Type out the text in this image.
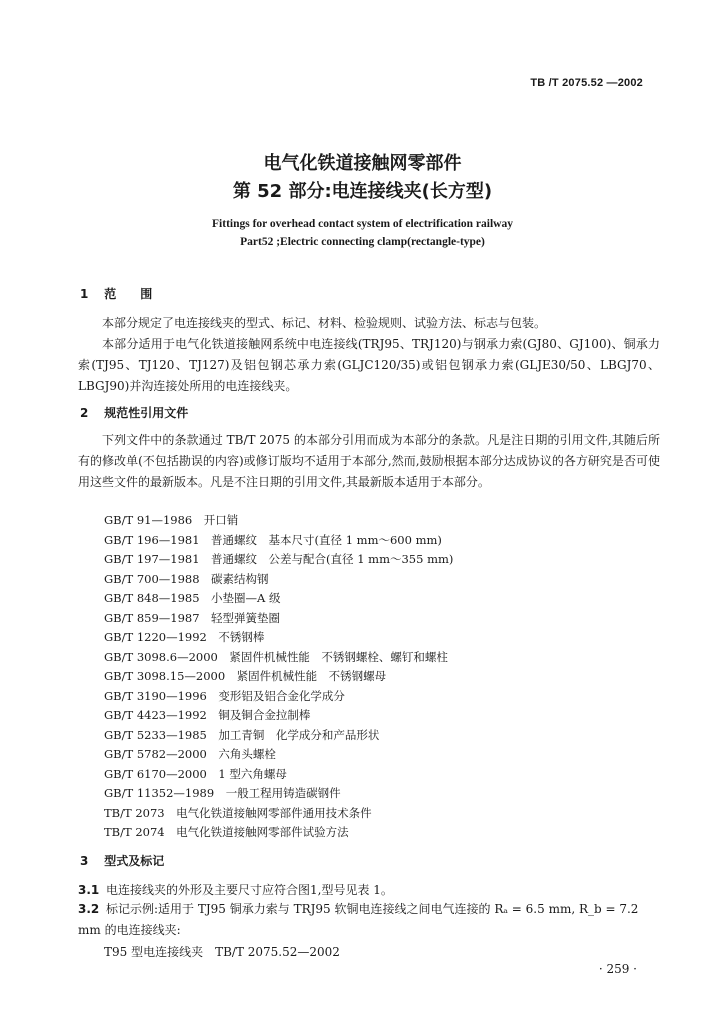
TB /T 2075.52 —2002
电气化铁道接触网零部件
第 52 部分:电连接线夹(长方型)
Fittings for overhead contact system of electrification railway
Part52 ;Electric connecting clamp(rectangle-type)
1 范　　围

本部分规定了电连接线夹的型式、标记、材料、检验规则、试验方法、标志与包装。

本部分适用于电气化铁道接触网系统中电连接线(TRJ95、TRJ120)与钢承力索(GJ80、GJ100)、铜承力索(TJ95、TJ120、TJ127)及铝包钢芯承力索(GLJC120/35)或铝包钢承力索(GLJE30/50、LBGJ70、LBGJ90)并沟连接处所用的电连接线夹。

2 规范性引用文件

下列文件中的条款通过 TB/T 2075 的本部分引用而成为本部分的条款。凡是注日期的引用文件,其随后所有的修改单(不包括勘误的内容)或修订版均不适用于本部分,然而,鼓励根据本部分达成协议的各方研究是否可使用这些文件的最新版本。凡是不注日期的引用文件,其最新版本适用于本部分。

GB/T 91—1986　开口销
GB/T 196—1981　普通螺纹　基本尺寸(直径 1 mm～600 mm)
GB/T 197—1981　普通螺纹　公差与配合(直径 1 mm～355 mm)
GB/T 700—1988　碳素结构钢
GB/T 848—1985　小垫圈—A 级
GB/T 859—1987　轻型弹簧垫圈
GB/T 1220—1992　不锈钢棒
GB/T 3098.6—2000　紧固件机械性能　不锈钢螺栓、螺钉和螺柱
GB/T 3098.15—2000　紧固件机械性能　不锈钢螺母
GB/T 3190—1996　变形铝及铝合金化学成分
GB/T 4423—1992　铜及铜合金拉制棒
GB/T 5233—1985　加工青铜　化学成分和产品形状
GB/T 5782—2000　六角头螺栓
GB/T 6170—2000　1 型六角螺母
GB/T 11352—1989　一般工程用铸造碳钢件
TB/T 2073　电气化铁道接触网零部件通用技术条件
TB/T 2074　电气化铁道接触网零部件试验方法
3 型式及标记
3.1 电连接线夹的外形及主要尺寸应符合图1,型号见表 1。
3.2 标记示例:适用于 TJ95 铜承力索与 TRJ95 软铜电连接线之间电气连接的 Rₐ = 6.5 mm, R_b = 7.2 mm 的电连接线夹:
T95 型电连接线夹　TB/T 2075.52—2002
· 259 ·
